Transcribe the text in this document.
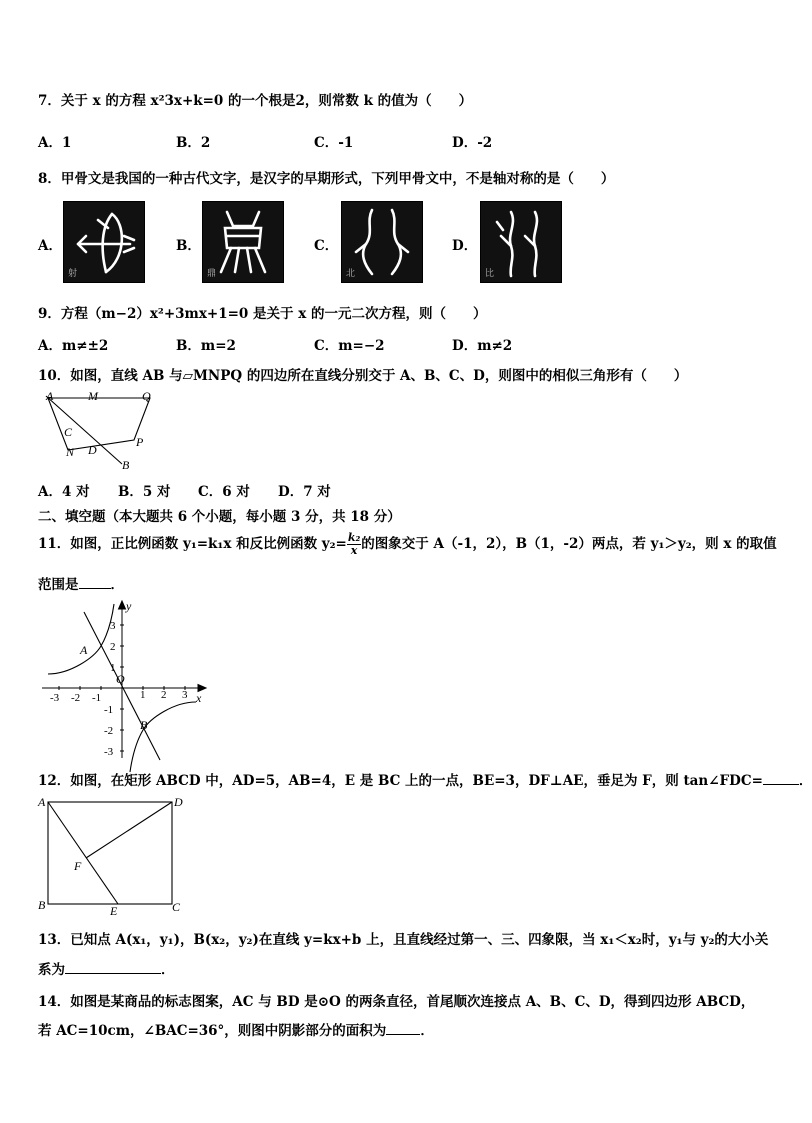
7．关于 x 的方程 x²3x+k=0 的一个根是2，则常数 k 的值为（　　）
A．1	B．2	C．-1	D．-2
8．甲骨文是我国的一种古代文字，是汉字的早期形式，下列甲骨文中，不是轴对称的是（　　）
A．
射
B．
鼎
C．
北
D．
比
9．方程（m−2）x²+3mx+1=0 是关于 x 的一元二次方程，则（　　）
A．m≠±2	B．m=2	C．m=−2	D．m≠2
10．如图，直线 AB 与▱MNPQ 的四边所在直线分别交于 A、B、C、D，则图中的相似三角形有（　　）
A	M	Q
C
N D
P
B
A．4 对 B．5 对 C．6 对 D．7 对
二、填空题（本大题共 6 个小题，每小题 3 分，共 18 分）
11．如图，正比例函数 y₁=k₁x 和反比例函数 $y_2= \frac{\text{k₂}}{x}$ 的图象交于 A（-1，2），B（1，-2）两点，若 y₁＞y₂，则 x 的取值
范围是 ．
-3 -2 -1	1 2 3 x
3
2
1
-1
-2
-3
y
O
A
B
12．如图，在矩形 ABCD 中，AD=5，AB=4，E 是 BC 上的一点，BE=3，DF⊥AE，垂足为 F，则 tan∠FDC=	．
A	D
F
B	E	C
13．已知点 A(x₁，y₁)，B(x₂，y₂)在直线 y=kx+b 上，且直线经过第一、三、四象限，当 x₁＜x₂时，y₁与 y₂的大小关
系为	．
14．如图是某商品的标志图案，AC 与 BD 是⊙O 的两条直径，首尾顺次连接点 A、B、C、D，得到四边形 ABCD，
若 AC=10cm，∠BAC=36°，则图中阴影部分的面积为	．
